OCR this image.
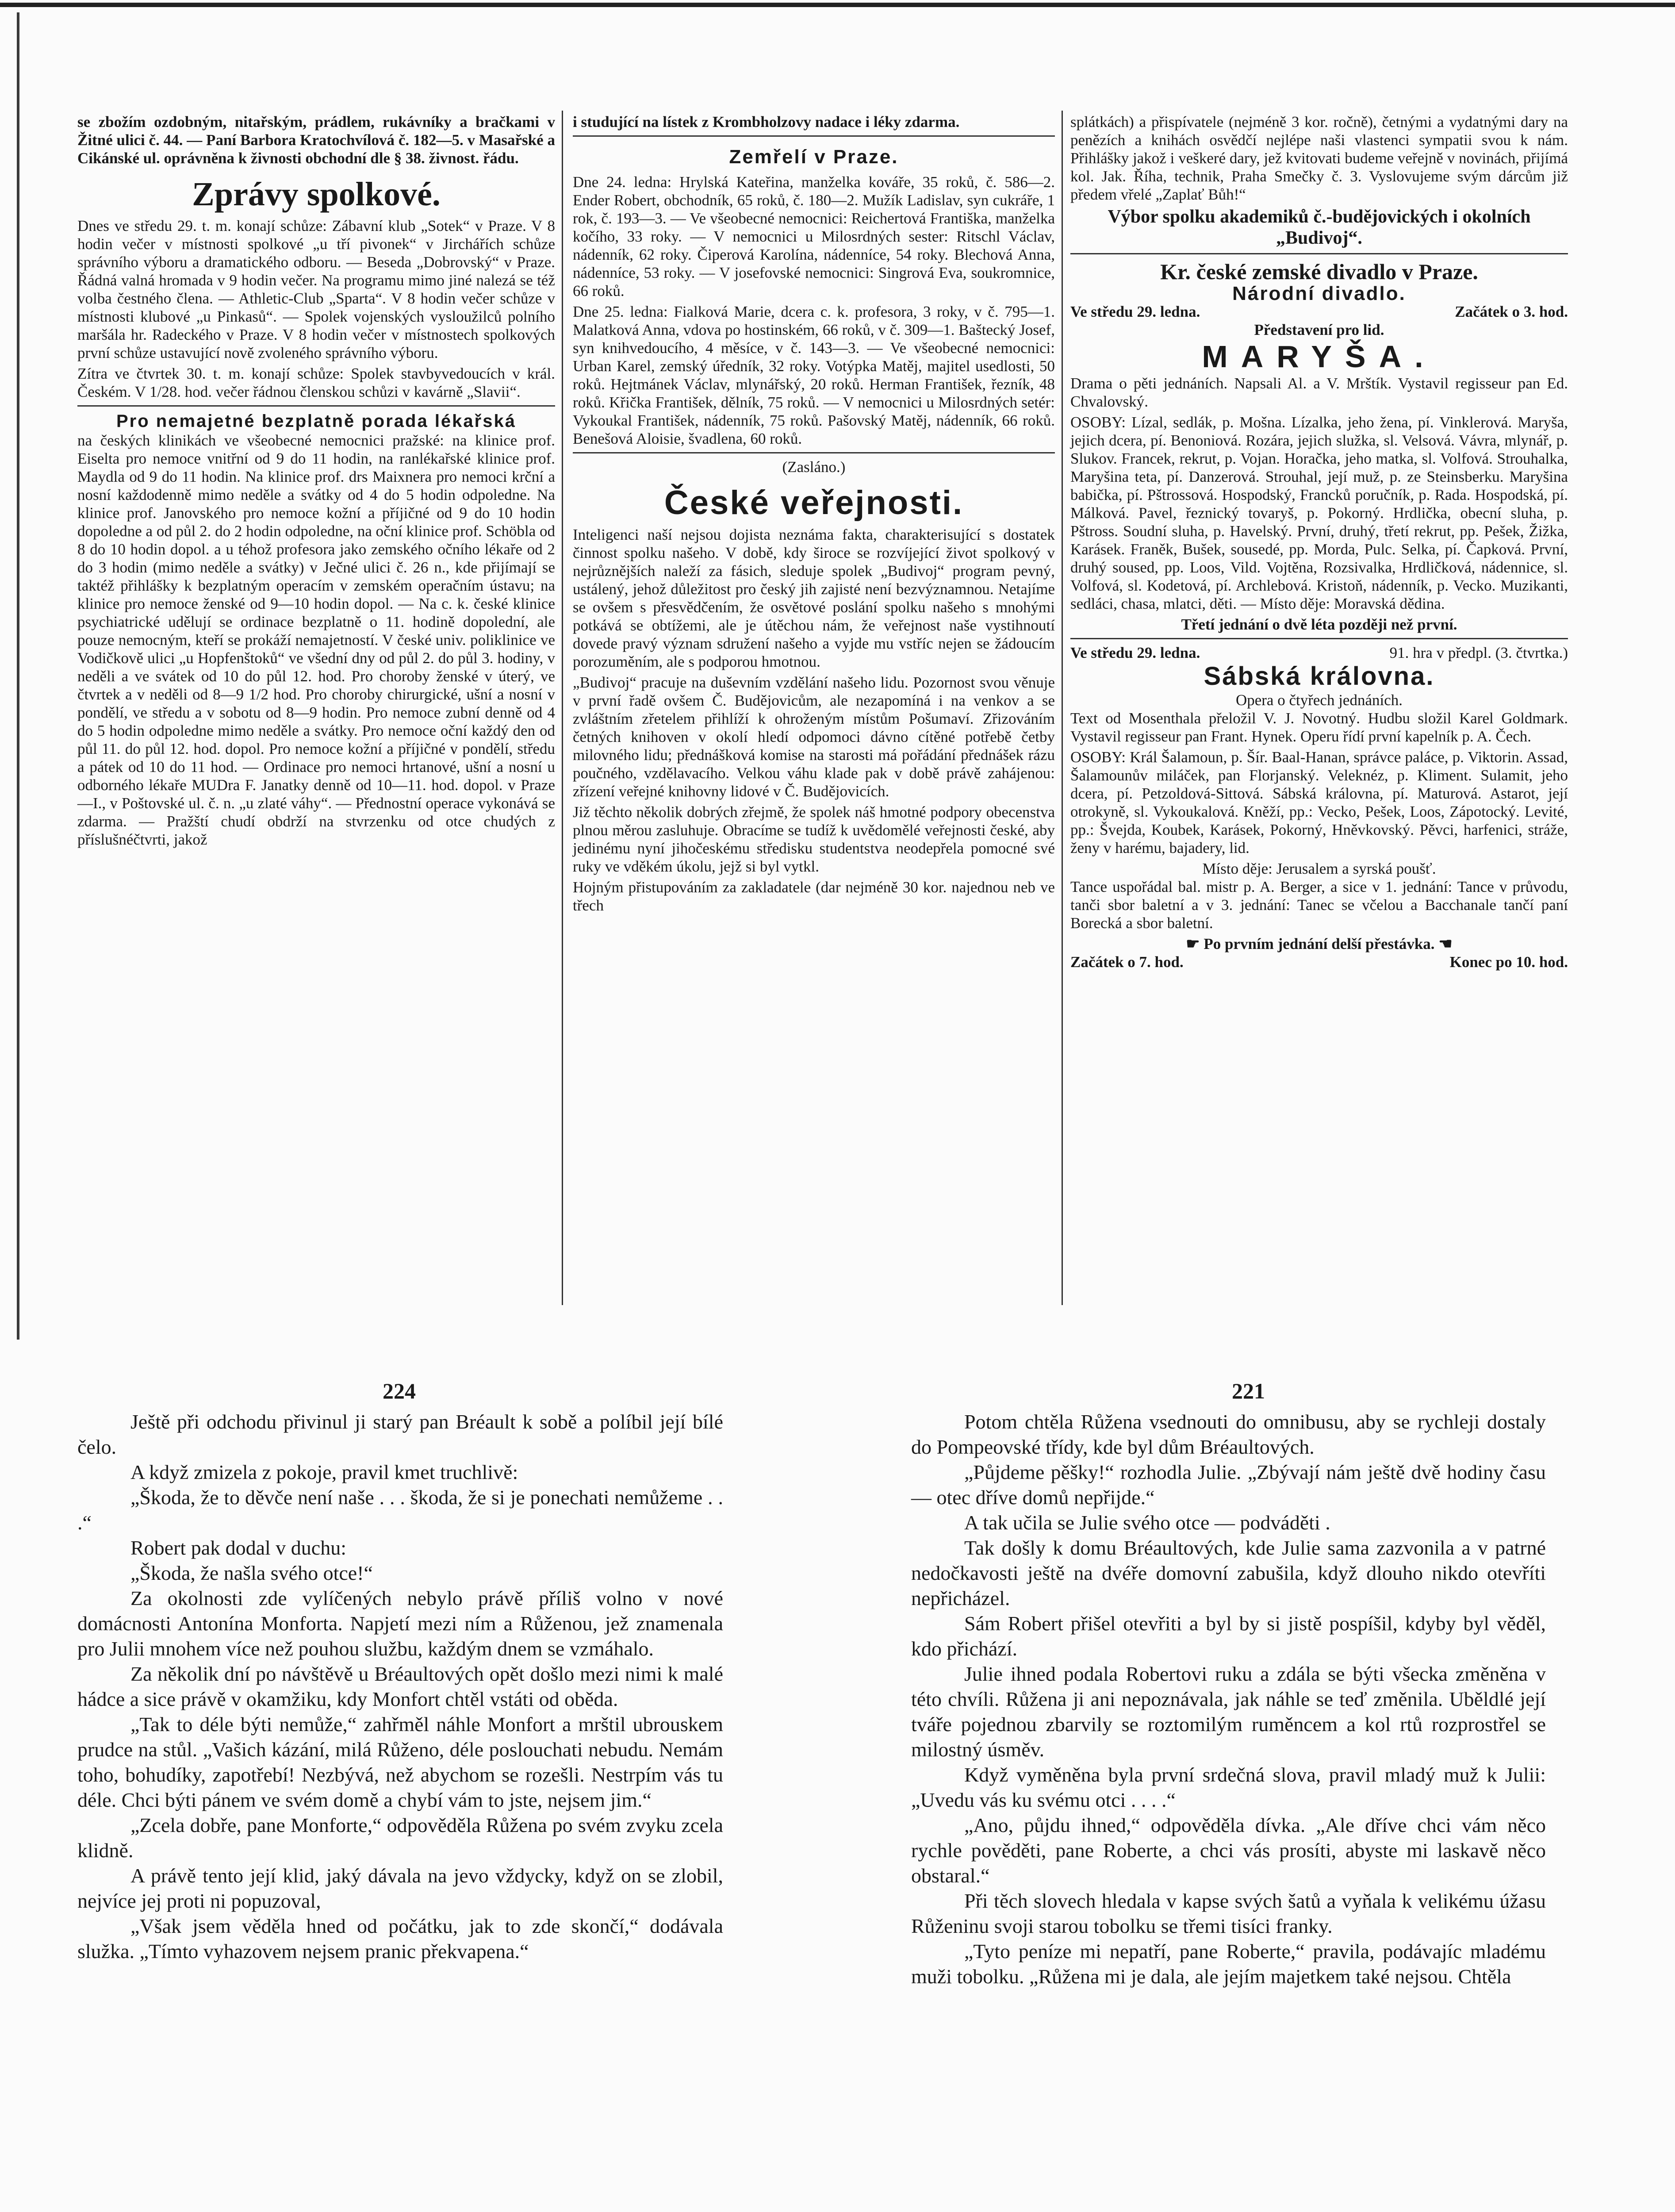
se zbožím ozdobným, nitařským, prádlem, rukávníky a bračkami v Žitné ulici č. 44. — Paní Barbora Kratochvílová č. 182—5. v Masařské a Cikánské ul. oprávněna k živnosti obchodní dle § 38. živnost. řádu.

Zprávy spolkové.

Dnes ve středu 29. t. m. konají schůze: Zábavní klub „Sotek“ v Praze. V 8 hodin večer v místnosti spolkové „u tří pivonek“ v Jirchářích schůze správního výboru a dramatického odboru. — Beseda „Dobrovský“ v Praze. Řádná valná hromada v 9 hodin večer. Na programu mimo jiné nalezá se též volba čestného člena. — Athletic-Club „Sparta“. V 8 hodin večer schůze v místnosti klubové „u Pinkasů“. — Spolek vojenských vysloužilců polního maršála hr. Radeckého v Praze. V 8 hodin večer v místnostech spolkových první schůze ustavující nově zvoleného správního výboru.

Zítra ve čtvrtek 30. t. m. konají schůze: Spolek stavbyvedoucích v král. Českém. V 1/28. hod. večer řádnou členskou schůzi v kavárně „Slavii“.

Pro nemajetné bezplatně porada lékařská

na českých klinikách ve všeobecné nemocnici pražské: na klinice prof. Eiselta pro nemoce vnitřní od 9 do 11 hodin, na ranlékařské klinice prof. Maydla od 9 do 11 hodin. Na klinice prof. drs Maixnera pro nemoci krční a nosní každodenně mimo neděle a svátky od 4 do 5 hodin odpoledne. Na klinice prof. Janovského pro nemoce kožní a příjičné od 9 do 10 hodin dopoledne a od půl 2. do 2 hodin odpoledne, na oční klinice prof. Schöbla od 8 do 10 hodin dopol. a u téhož profesora jako zemského očního lékaře od 2 do 3 hodin (mimo neděle a svátky) v Ječné ulici č. 26 n., kde přijímají se taktéž přihlášky k bezplatným operacím v zemském operačním ústavu; na klinice pro nemoce ženské od 9—10 hodin dopol. — Na c. k. české klinice psychiatrické udělují se ordinace bezplatně o 11. hodině dopolední, ale pouze nemocným, kteří se prokáží nemajetností. V české univ. poliklinice ve Vodičkově ulici „u Hopfenštoků“ ve všední dny od půl 2. do půl 3. hodiny, v neděli a ve svátek od 10 do půl 12. hod. Pro choroby ženské v úterý, ve čtvrtek a v neděli od 8—9 1/2 hod. Pro choroby chirurgické, ušní a nosní v pondělí, ve středu a v sobotu od 8—9 hodin. Pro nemoce zubní denně od 4 do 5 hodin odpoledne mimo neděle a svátky. Pro nemoce oční každý den od půl 11. do půl 12. hod. dopol. Pro nemoce kožní a příjičné v pondělí, středu a pátek od 10 do 11 hod. — Ordinace pro nemoci hrtanové, ušní a nosní u odborného lékaře MUDra F. Janatky denně od 10—11. hod. dopol. v Praze—I., v Poštovské ul. č. n. „u zlaté váhy“. — Přednostní operace vykonává se zdarma. — Pražští chudí obdrží na stvrzenku od otce chudých z příslušnéčtvrti, jakož

i studující na lístek z Krombholzovy nadace i léky zdarma.

Zemřelí v Praze.

Dne 24. ledna: Hrylská Kateřina, manželka kováře, 35 roků, č. 586—2. Ender Robert, obchodník, 65 roků, č. 180—2. Mužík Ladislav, syn cukráře, 1 rok, č. 193—3. — Ve všeobecné nemocnici: Reichertová Františka, manželka kočího, 33 roky. — V nemocnici u Milosrdných sester: Ritschl Václav, nádenník, 62 roky. Čiperová Karolína, nádenníce, 54 roky. Blechová Anna, nádenníce, 53 roky. — V josefovské nemocnici: Singrová Eva, soukromnice, 66 roků.

Dne 25. ledna: Fialková Marie, dcera c. k. profesora, 3 roky, v č. 795—1. Malatková Anna, vdova po hostinském, 66 roků, v č. 309—1. Baštecký Josef, syn knihvedoucího, 4 měsíce, v č. 143—3. — Ve všeobecné nemocnici: Urban Karel, zemský úředník, 32 roky. Votýpka Matěj, majitel usedlosti, 50 roků. Hejtmánek Václav, mlynářský, 20 roků. Herman František, řezník, 48 roků. Křička František, dělník, 75 roků. — V nemocnici u Milosrdných setér: Vykoukal František, nádenník, 75 roků. Pašovský Matěj, nádenník, 66 roků. Benešová Aloisie, švadlena, 60 roků.

(Zasláno.)
České veřejnosti.

Inteligenci naší nejsou dojista neznáma fakta, charakterisující s dostatek činnost spolku našeho. V době, kdy široce se rozvíjející život spolkový v nejrůznějších naleží za fásich, sleduje spolek „Budivoj“ program pevný, ustálený, jehož důležitost pro český jih zajisté není bezvýznamnou. Netajíme se ovšem s přesvědčením, že osvětové poslání spolku našeho s mnohými potkává se obtížemi, ale je útěchou nám, že veřejnost naše vystihnoutí dovede pravý význam sdružení našeho a vyjde mu vstříc nejen se žádoucím porozuměním, ale s podporou hmotnou.

„Budivoj“ pracuje na duševním vzdělání našeho lidu. Pozornost svou věnuje v první řadě ovšem Č. Budějovicům, ale nezapomíná i na venkov a se zvláštním zřetelem přihlíží k ohroženým místům Pošumaví. Zřizováním četných knihoven v okolí hledí odpomoci dávno cítěné potřebě četby milovného lidu; přednášková komise na starosti má pořádání přednášek rázu poučného, vzdělavacího. Velkou váhu klade pak v době právě zahájenou: zřízení veřejné knihovny lidové v Č. Budějovicích.

Již těchto několik dobrých zřejmě, že spolek náš hmotné podpory obecenstva plnou měrou zasluhuje. Obracíme se tudíž k uvědomělé veřejnosti české, aby jedinému nyní jihočeskému středisku studentstva neodepřela pomocné své ruky ve vděkém úkolu, jejž si byl vytkl.

Hojným přistupováním za zakladatele (dar nejméně 30 kor. najednou neb ve třech

splátkách) a přispívatele (nejméně 3 kor. ročně), četnými a vydatnými dary na penězích a knihách osvědčí nejlépe naši vlastenci sympatii svou k nám. Přihlášky jakož i veškeré dary, jež kvitovati budeme veřejně v novinách, přijímá kol. Jak. Říha, technik, Praha Smečky č. 3. Vyslovujeme svým dárcům již předem vřelé „Zaplať Bůh!“

Výbor spolku akademiků č.-budějovických i okolních „Budivoj“.
Kr. české zemské divadlo v Praze.
Národní divadlo.
Ve středu 29. ledna.	Začátek o 3. hod.
Představení pro lid.
MARYŠA.

Drama o pěti jednáních. Napsali Al. a V. Mrštík. Vystavil regisseur pan Ed. Chvalovský.

OSOBY: Lízal, sedlák, p. Mošna. Lízalka, jeho žena, pí. Vinklerová. Maryša, jejich dcera, pí. Benoniová. Rozára, jejich služka, sl. Velsová. Vávra, mlynář, p. Slukov. Francek, rekrut, p. Vojan. Horačka, jeho matka, sl. Volfová. Strouhalka, Maryšina teta, pí. Danzerová. Strouhal, její muž, p. ze Steinsberku. Maryšina babička, pí. Pštrossová. Hospodský, Francků poručník, p. Rada. Hospodská, pí. Málková. Pavel, řeznický tovaryš, p. Pokorný. Hrdlička, obecní sluha, p. Pštross. Soudní sluha, p. Havelský. První, druhý, třetí rekrut, pp. Pešek, Žižka, Karásek. Franěk, Bušek, sousedé, pp. Morda, Pulc. Selka, pí. Čapková. První, druhý soused, pp. Loos, Vild. Vojtěna, Rozsivalka, Hrdličková, nádennice, sl. Volfová, sl. Kodetová, pí. Archlebová. Kristoň, nádenník, p. Vecko. Muzikanti, sedláci, chasa, mlatci, děti. — Místo děje: Moravská dědina.

Třetí jednání o dvě léta později než první.
Ve středu 29. ledna.	91. hra v předpl. (3. čtvrtka.)
Sábská královna.
Opera o čtyřech jednáních.

Text od Mosenthala přeložil V. J. Novotný. Hudbu složil Karel Goldmark. Vystavil regisseur pan Frant. Hynek. Operu řídí první kapelník p. A. Čech.

OSOBY: Král Šalamoun, p. Šír. Baal-Hanan, správce paláce, p. Viktorin. Assad, Šalamounův miláček, pan Florjanský. Veleknéz, p. Kliment. Sulamit, jeho dcera, pí. Petzoldová-Sittová. Sábská královna, pí. Maturová. Astarot, její otrokyně, sl. Vykoukalová. Kněží, pp.: Vecko, Pešek, Loos, Zápotocký. Levité, pp.: Švejda, Koubek, Karásek, Pokorný, Hněvkovský. Pěvci, harfenici, stráže, ženy v harému, bajadery, lid.

Místo děje: Jerusalem a syrská poušť.

Tance uspořádal bal. mistr p. A. Berger, a sice v 1. jednání: Tance v průvodu, tanči sbor baletní a v 3. jednání: Tanec se včelou a Bacchanale tančí paní Borecká a sbor baletní.

☛ Po prvním jednání delší přestávka. ☚
Začátek o 7. hod.	Konec po 10. hod.
224	221

Ještě při odchodu přivinul ji starý pan Bréault k sobě a políbil její bílé čelo.

A když zmizela z pokoje, pravil kmet truchlivě:

„Škoda, že to děvče není naše . . . škoda, že si je ponechati nemůžeme . . .“

Robert pak dodal v duchu:

„Škoda, že našla svého otce!“

Za okolnosti zde vylíčených nebylo právě příliš volno v nové domácnosti Antonína Monforta. Napjetí mezi ním a Růženou, jež znamenala pro Julii mnohem více než pouhou službu, každým dnem se vzmáhalo.

Za několik dní po návštěvě u Bréaultových opět došlo mezi nimi k malé hádce a sice právě v okamžiku, kdy Monfort chtěl vstáti od oběda.

„Tak to déle býti nemůže,“ zahřměl náhle Monfort a mrštil ubrouskem prudce na stůl. „Vašich kázání, milá Růženo, déle poslouchati nebudu. Nemám toho, bohudíky, zapotřebí! Nezbývá, než abychom se rozešli. Nestrpím vás tu déle. Chci býti pánem ve svém domě a chybí vám to jste, nejsem jim.“

„Zcela dobře, pane Monforte,“ odpověděla Růžena po svém zvyku zcela klidně.

A právě tento její klid, jaký dávala na jevo vždycky, když on se zlobil, nejvíce jej proti ni popuzoval,

„Však jsem věděla hned od počátku, jak to zde skončí,“ dodávala služka. „Tímto vyhazovem nejsem pranic překvapena.“

Potom chtěla Růžena vsednouti do omnibusu, aby se rychleji dostaly do Pompeovské třídy, kde byl dům Bréaultových.

„Půjdeme pěšky!“ rozhodla Julie. „Zbývají nám ještě dvě hodiny času — otec dříve domů nepřijde.“

A tak učila se Julie svého otce — podváděti .

Tak došly k domu Bréaultových, kde Julie sama zazvonila a v patrné nedočkavosti ještě na dvéře domovní zabušila, když dlouho nikdo otevříti nepřicházel.

Sám Robert přišel otevřiti a byl by si jistě pospíšil, kdyby byl věděl, kdo přichází.

Julie ihned podala Robertovi ruku a zdála se býti všecka změněna v této chvíli. Růžena ji ani nepoznávala, jak náhle se teď změnila. Uběldlé její tváře pojednou zbarvily se roztomilým ruměncem a kol rtů rozprostřel se milostný úsměv.

Když vyměněna byla první srdečná slova, pravil mladý muž k Julii: „Uvedu vás ku svému otci . . . .“

„Ano, půjdu ihned,“ odpověděla dívka. „Ale dříve chci vám něco rychle pověděti, pane Roberte, a chci vás prosíti, abyste mi laskavě něco obstaral.“

Při těch slovech hledala v kapse svých šatů a vyňala k velikému úžasu Růženinu svoji starou tobolku se třemi tisíci franky.

„Tyto peníze mi nepatří, pane Roberte,“ pravila, podávajíc mladému muži tobolku. „Růžena mi je dala, ale jejím majetkem také nejsou. Chtěla
